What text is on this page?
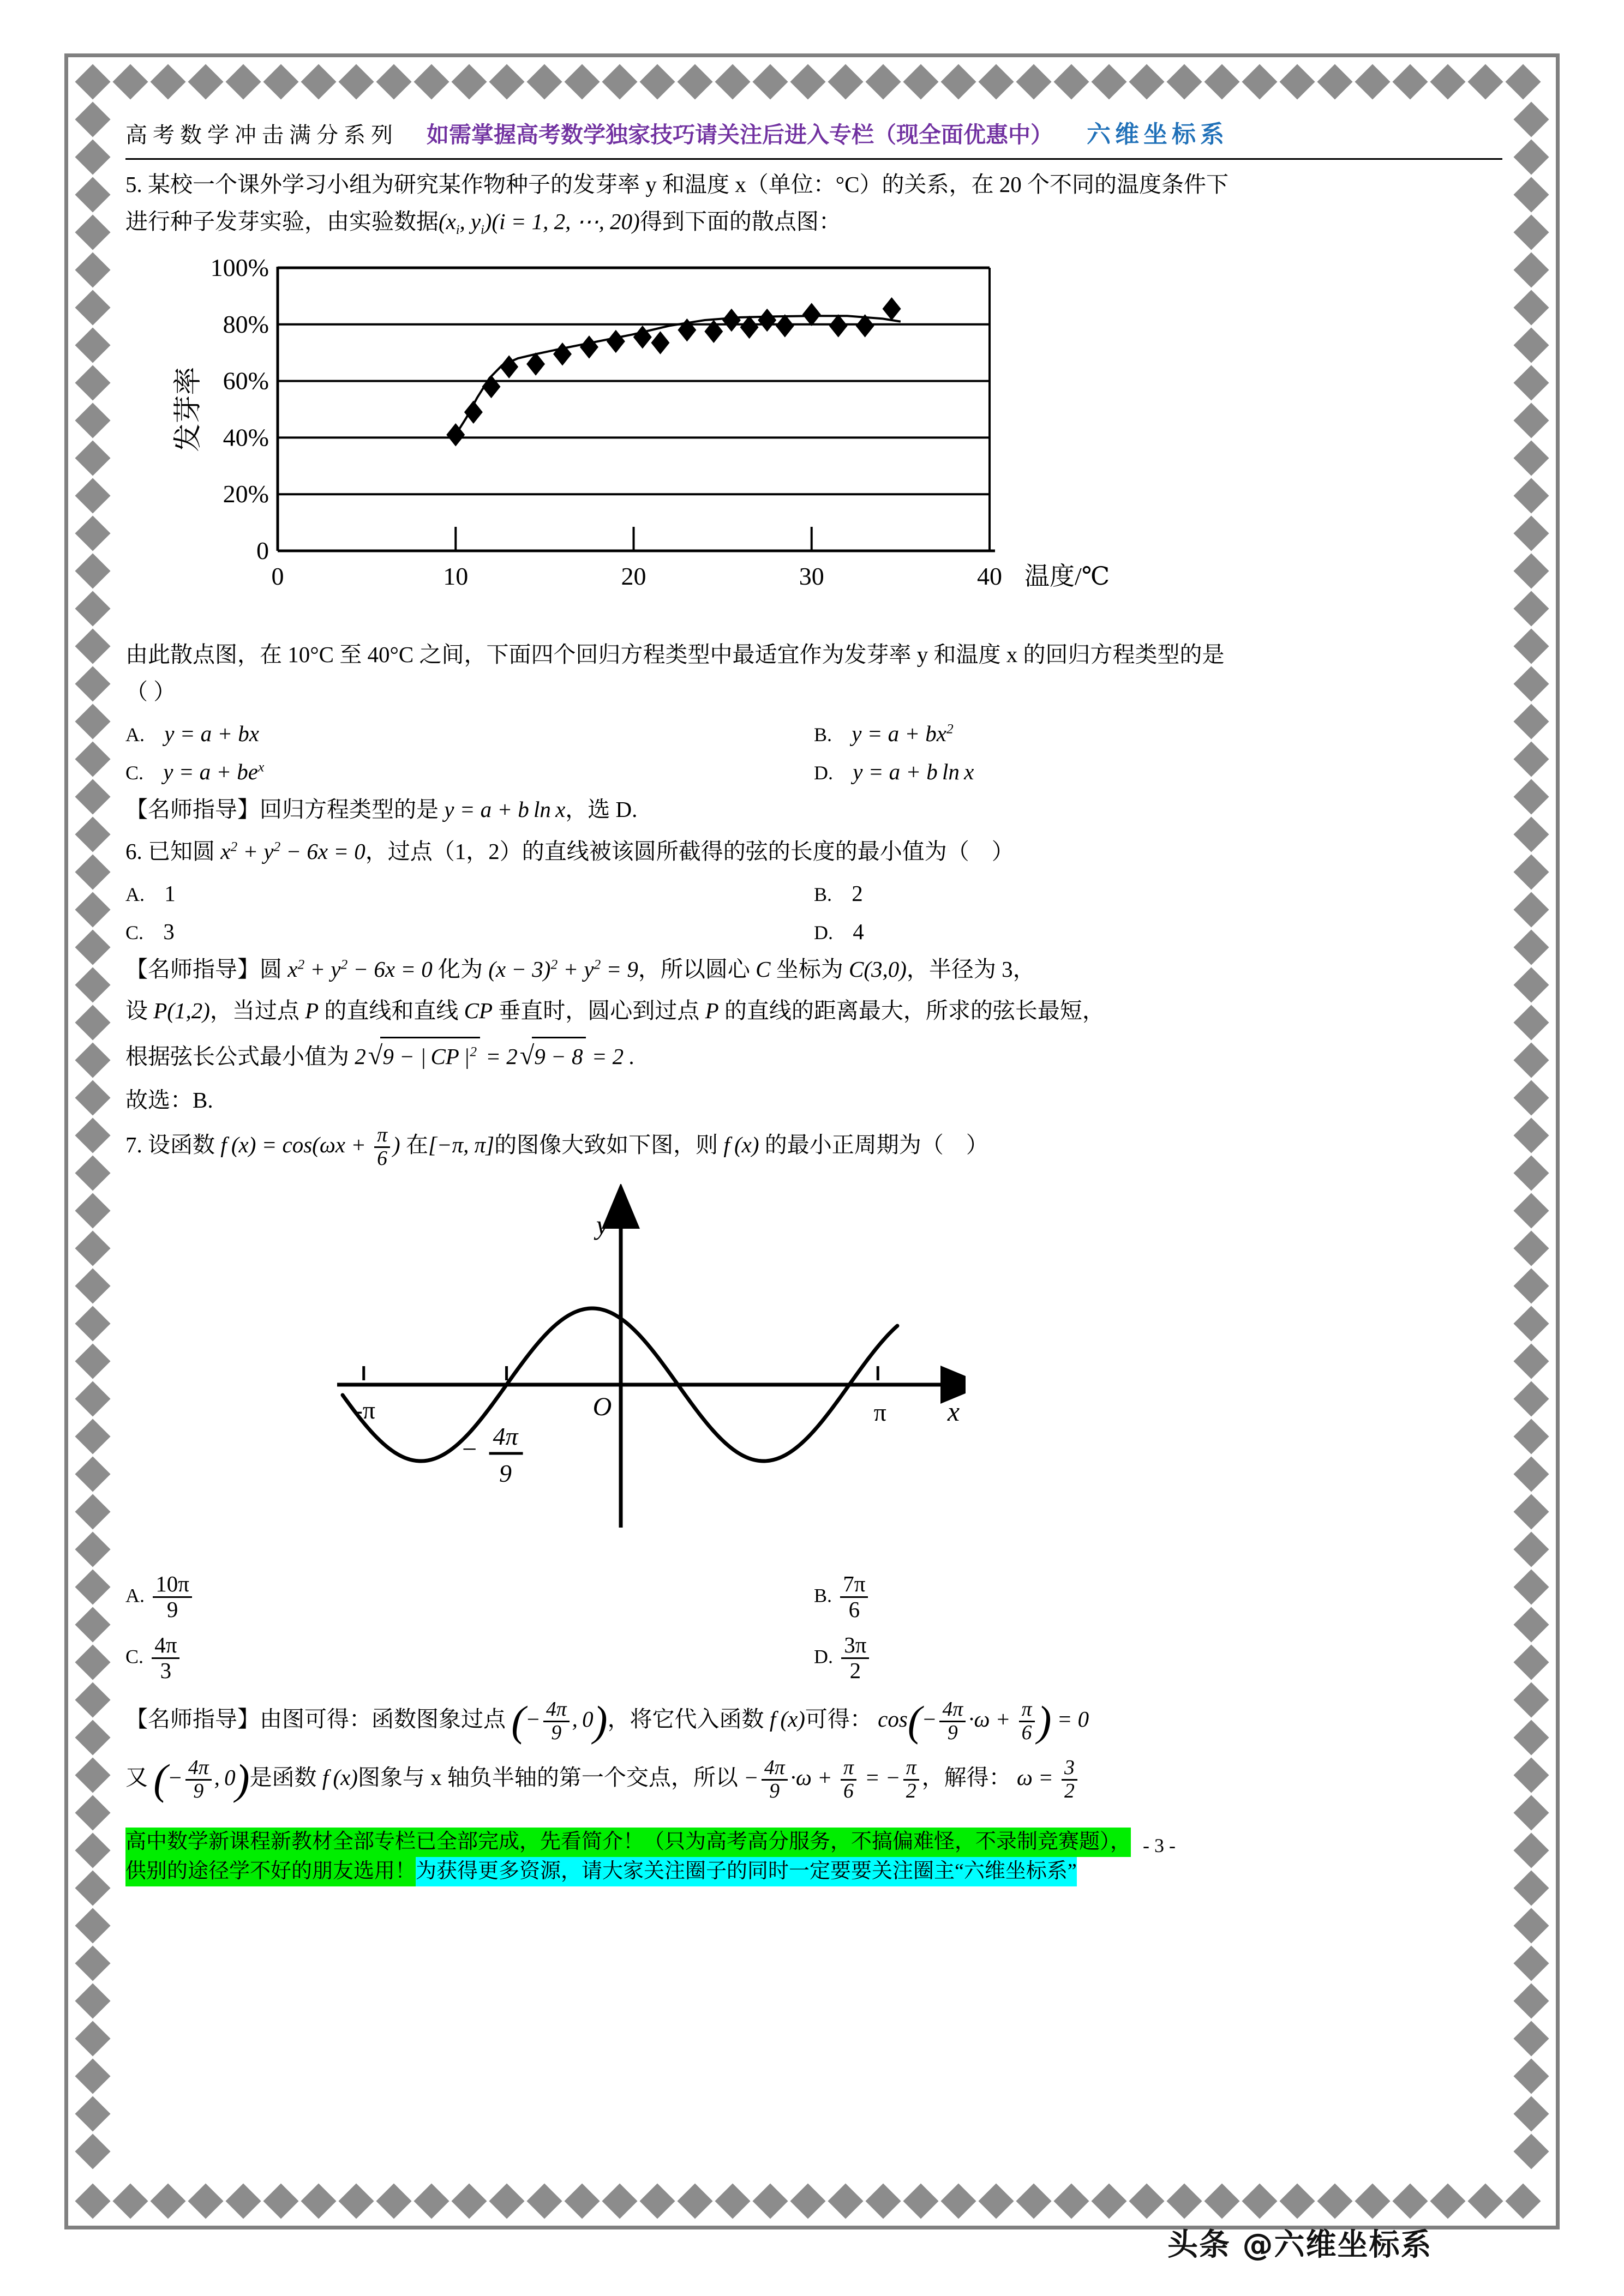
高考数学冲击满分系列 如需掌握高考数学独家技巧请关注后进入专栏（现全面优惠中） 六维坐标系
5. 某校一个课外学习小组为研究某作物种子的发芽率 y 和温度 x（单位：°C）的关系，在 20 个不同的温度条件下
进行种子发芽实验，由实验数据($x_i$, $y_i)(i = 1$, 2, ⋯, 20)得到下面的散点图：
0
20%
40%
60%
80%
100%
0	10	20	30	40 温度/℃
发芽率
由此散点图，在 10°C 至 40°C 之间，下面四个回归方程类型中最适宜作为发芽率 y 和温度 x 的回归方程类型的是
（ ）
A. y = a + bx	B. $y = a + bx^2$
C. $y = a + be^x$	D. y = a + b ln x
【名师指导】回归方程类型的是 y = a + b ln x，选 D.
6. 已知圆 $x^2 + y^2 - 6x = 0$，过点（1，2）的直线被该圆所截得的弦的长度的最小值为（    ）
A. 1	B. 2
C. 3	D. 4
【名师指导】圆 $x^2 + y^2 - 6x = 0$ 化为 $(x - 3)^2 + y^2 = 9$，所以圆心 C 坐标为 C(3,0)，半径为 3，
设 P(1,2)，当过点 P 的直线和直线 CP 垂直时，圆心到过点 P 的直线的距离最大，所求的弦长最短，
根据弦长公式最小值为 2√9 − | CP $|^2 = 2√9 - 8 = 2$ .
故选：B.
7. 设函数 f $(x) = \cos(\omega x + \frac{\pi}{6}$ ) 在[−π, π]的图像大致如下图，则 f (x) 的最小正周期为（    ）
y
x
O
-π	π
− 4π
9
A. $\frac{10\pi}{9}$	B. $\frac{7\pi}{6}$
C. $\frac{4\pi}{3}$	D. $\frac{3\pi}{2}$
【名师指导】由图可得：函数图象过点 (− $\frac{4\pi}{9}$ , 0)，将它代入函数 f (x)可得： $\cos(- \frac{4\pi}{9} \cdot\omega + \frac{\pi}{6}$ ) = 0
又 (− $\frac{4\pi}{9}$ , 0)是函数 f (x)图象与 x 轴负半轴的第一个交点，所以 − $\frac{4\pi}{9} \cdot\omega + \frac{\pi}{6}$ = − $\frac{\pi}{2}$ ，解得： $\omega = \frac{3}{2}$
高中数学新课程新教材全部专栏已全部完成，先看简介！（只为高考高分服务，不搞偏难怪，不录制竞赛题）， - 3 -
供别的途径学不好的朋友选用！ 为获得更多资源，请大家关注圈子的同时一定要要关注圈主“六维坐标系”
头条 @六维坐标系
